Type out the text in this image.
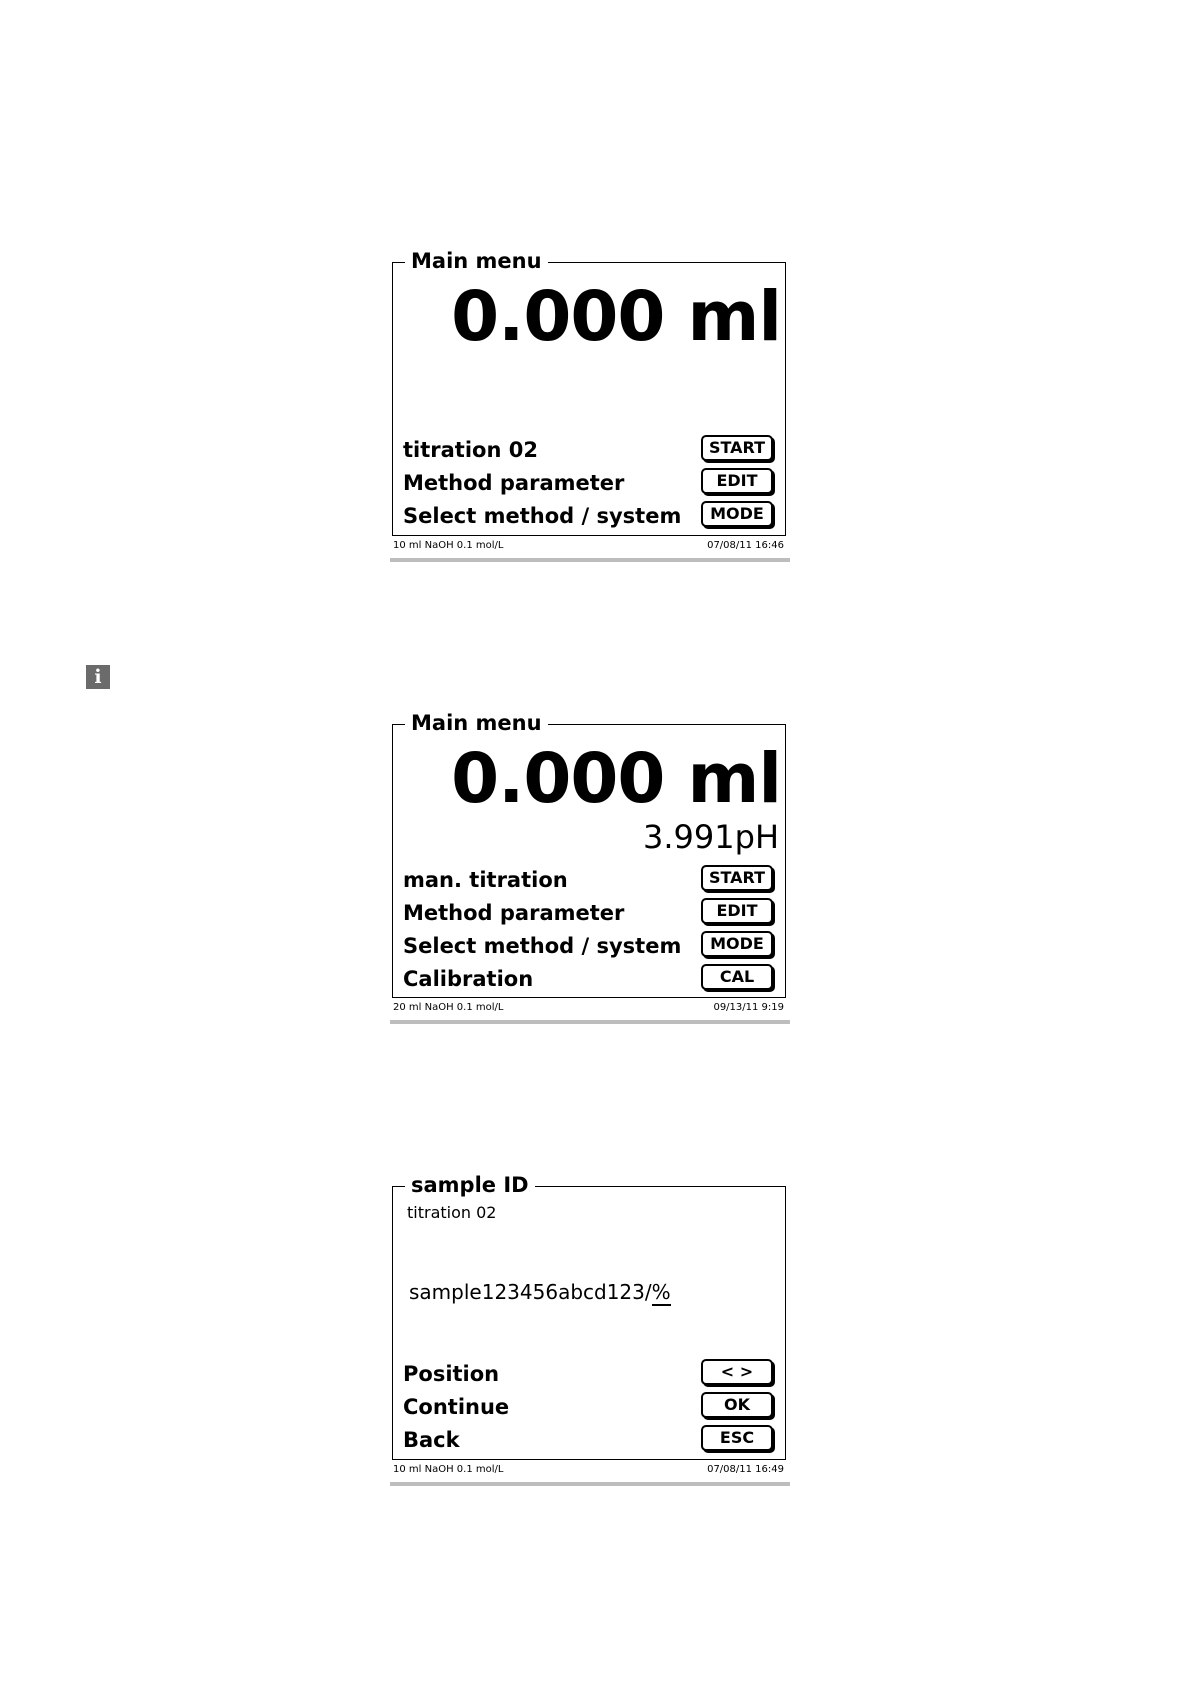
Main menu
0.000 ml
titration 02	START
Method parameter	EDIT
Select method / system	MODE
10 ml NaOH 0.1 mol/L	07/08/11 16:46
i
Main menu
0.000 ml
3.991pH
man. titration	START
Method parameter	EDIT
Select method / system	MODE
Calibration	CAL
20 ml NaOH 0.1 mol/L	09/13/11 9:19
sample ID
titration 02
sample123456abcd123/%
Position	< >
Continue	OK
Back	ESC
10 ml NaOH 0.1 mol/L	07/08/11 16:49
